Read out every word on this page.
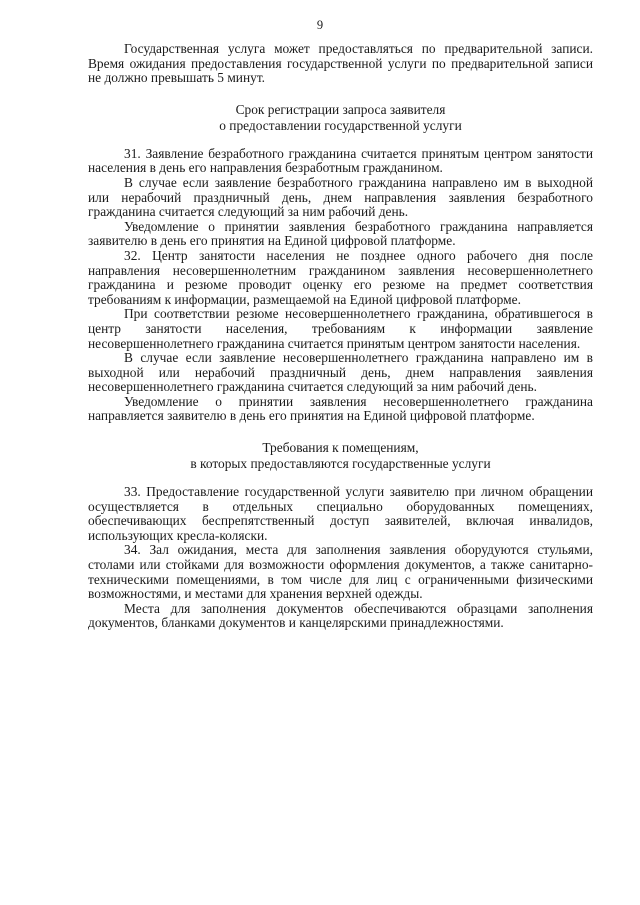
9

Государственная услуга может предоставляться по предварительной записи. Время ожидания предоставления государственной услуги по предварительной записи не должно превышать 5 минут.

Срок регистрации запроса заявителя
о предоставлении государственной услуги

31. Заявление безработного гражданина считается принятым центром занятости населения в день его направления безработным гражданином.

В случае если заявление безработного гражданина направлено им в выходной или нерабочий праздничный день, днем направления заявления безработного гражданина считается следующий за ним рабочий день.

Уведомление о принятии заявления безработного гражданина направляется заявителю в день его принятия на Единой цифровой платформе.

32. Центр занятости населения не позднее одного рабочего дня после направления несовершеннолетним гражданином заявления несовершеннолетнего гражданина и резюме проводит оценку его резюме на предмет соответствия требованиям к информации, размещаемой на Единой цифровой платформе.

При соответствии резюме несовершеннолетнего гражданина, обратившегося в центр занятости населения, требованиям к информации заявление несовершеннолетнего гражданина считается принятым центром занятости населения.

В случае если заявление несовершеннолетнего гражданина направлено им в выходной или нерабочий праздничный день, днем направления заявления несовершеннолетнего гражданина считается следующий за ним рабочий день.

Уведомление о принятии заявления несовершеннолетнего гражданина направляется заявителю в день его принятия на Единой цифровой платформе.

Требования к помещениям,
в которых предоставляются государственные услуги

33. Предоставление государственной услуги заявителю при личном обращении осуществляется в отдельных специально оборудованных помещениях, обеспечивающих беспрепятственный доступ заявителей, включая инвалидов, использующих кресла-коляски.

34. Зал ожидания, места для заполнения заявления оборудуются стульями, столами или стойками для возможности оформления документов, а также санитарно-техническими помещениями, в том числе для лиц с ограниченными физическими возможностями, и местами для хранения верхней одежды.

Места для заполнения документов обеспечиваются образцами заполнения документов, бланками документов и канцелярскими принадлежностями.
